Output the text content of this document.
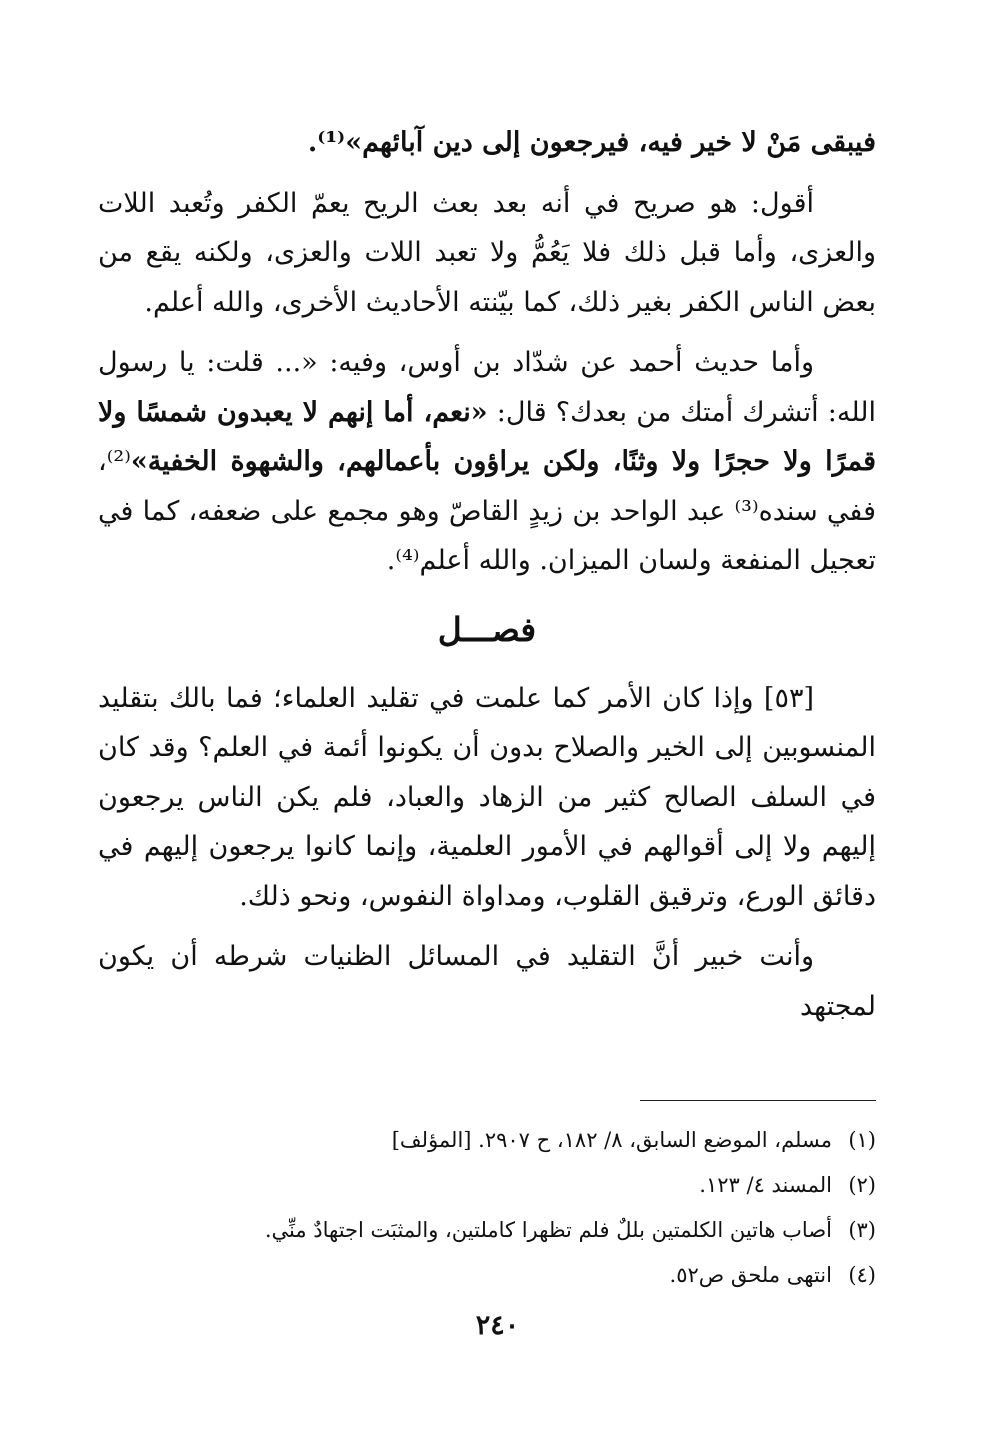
فيبقى مَنْ لا خير فيه، فيرجعون إلى دين آبائهم»⁽¹⁾.

أقول: هو صريح في أنه بعد بعث الريح يعمّ الكفر وتُعبد اللات والعزى، وأما قبل ذلك فلا يَعُمُّ ولا تعبد اللات والعزى، ولكنه يقع من بعض الناس الكفر بغير ذلك، كما بيّنته الأحاديث الأخرى، والله أعلم.

وأما حديث أحمد عن شدّاد بن أوس، وفيه: «... قلت: يا رسول الله: أتشرك أمتك من بعدك؟ قال: «نعم، أما إنهم لا يعبدون شمسًا ولا قمرًا ولا حجرًا ولا وثنًا، ولكن يراؤون بأعمالهم، والشهوة الخفية»⁽²⁾، ففي سنده⁽³⁾ عبد الواحد بن زيدٍ القاصّ وهو مجمع على ضعفه، كما في تعجيل المنفعة ولسان الميزان. والله أعلم⁽⁴⁾.

فصـــل

[٥٣] وإذا كان الأمر كما علمت في تقليد العلماء؛ فما بالك بتقليد المنسوبين إلى الخير والصلاح بدون أن يكونوا أئمة في العلم؟ وقد كان في السلف الصالح كثير من الزهاد والعباد، فلم يكن الناس يرجعون إليهم ولا إلى أقوالهم في الأمور العلمية، وإنما كانوا يرجعون إليهم في دقائق الورع، وترقيق القلوب، ومداواة النفوس، ونحو ذلك.

وأنت خبير أنَّ التقليد في المسائل الظنيات شرطه أن يكون لمجتهد

(١)مسلم، الموضع السابق، ٨/ ١٨٢، ح ٢٩٠٧. [المؤلف]

(٢)المسند ٤/ ١٢٣.

(٣)أصاب هاتين الكلمتين بللٌ فلم تظهرا كاملتين، والمثبَت اجتهادٌ منِّي.

(٤)انتهى ملحق ص٥٢.

٢٤٠
